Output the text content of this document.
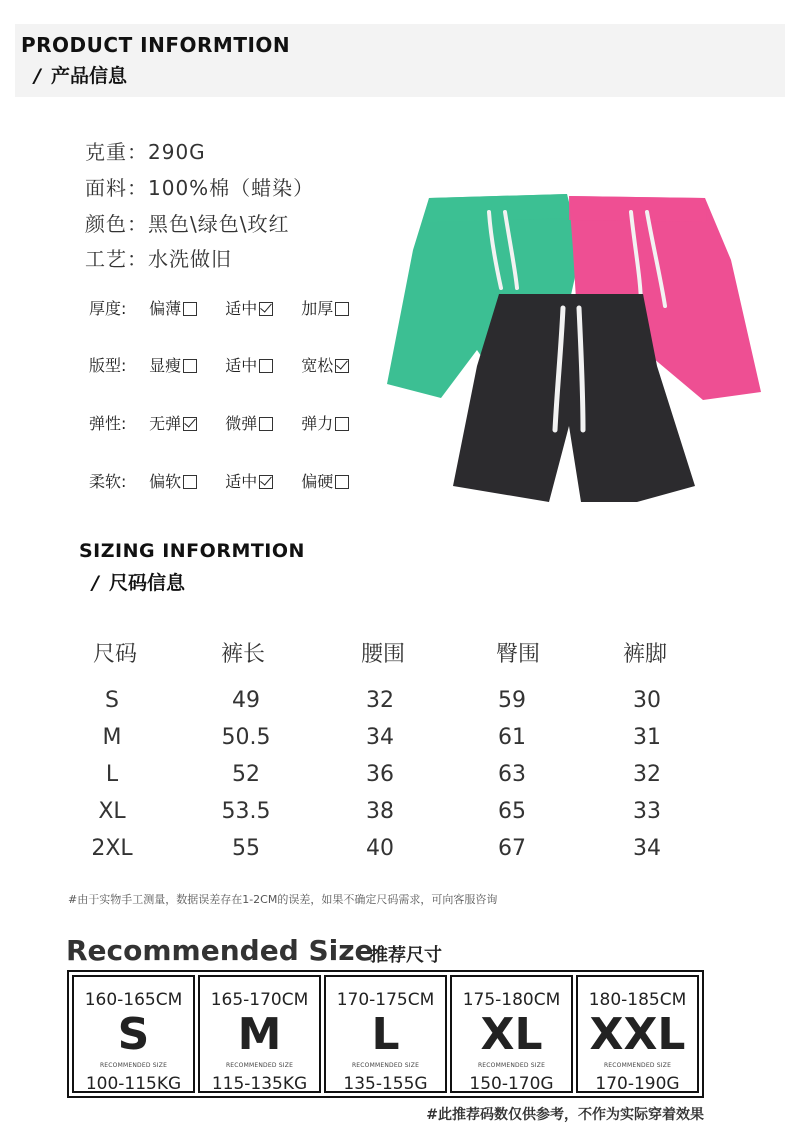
PRODUCT INFORMTION
/ 产品信息
克重：290G
面料：100%棉（蜡染）
颜色：黑色\绿色\玫红
工艺：水洗做旧
厚度: 偏薄	适中	加厚
版型: 显瘦	适中	宽松
弹性: 无弹	微弹	弹力
柔软: 偏软	适中	偏硬
SIZING INFORMTION
/ 尺码信息
尺码	裤长	腰围	臀围	裤脚
S	49	32	59	30
M	50.5	34	61	31
L	52	36	63	32
XL	53.5	38	65	33
2XL	55	40	67	34
#由于实物手工测量，数据误差存在1-2CM的误差，如果不确定尺码需求，可向客服咨询
Recommended Size
推荐尺寸
160-165CM
S
RECOMMENDED SIZE
100-115KG
165-170CM
M
RECOMMENDED SIZE
115-135KG
170-175CM
L
RECOMMENDED SIZE
135-155G
175-180CM
XL
RECOMMENDED SIZE
150-170G
180-185CM
XXL
RECOMMENDED SIZE
170-190G
#此推荐码数仅供参考，不作为实际穿着效果
